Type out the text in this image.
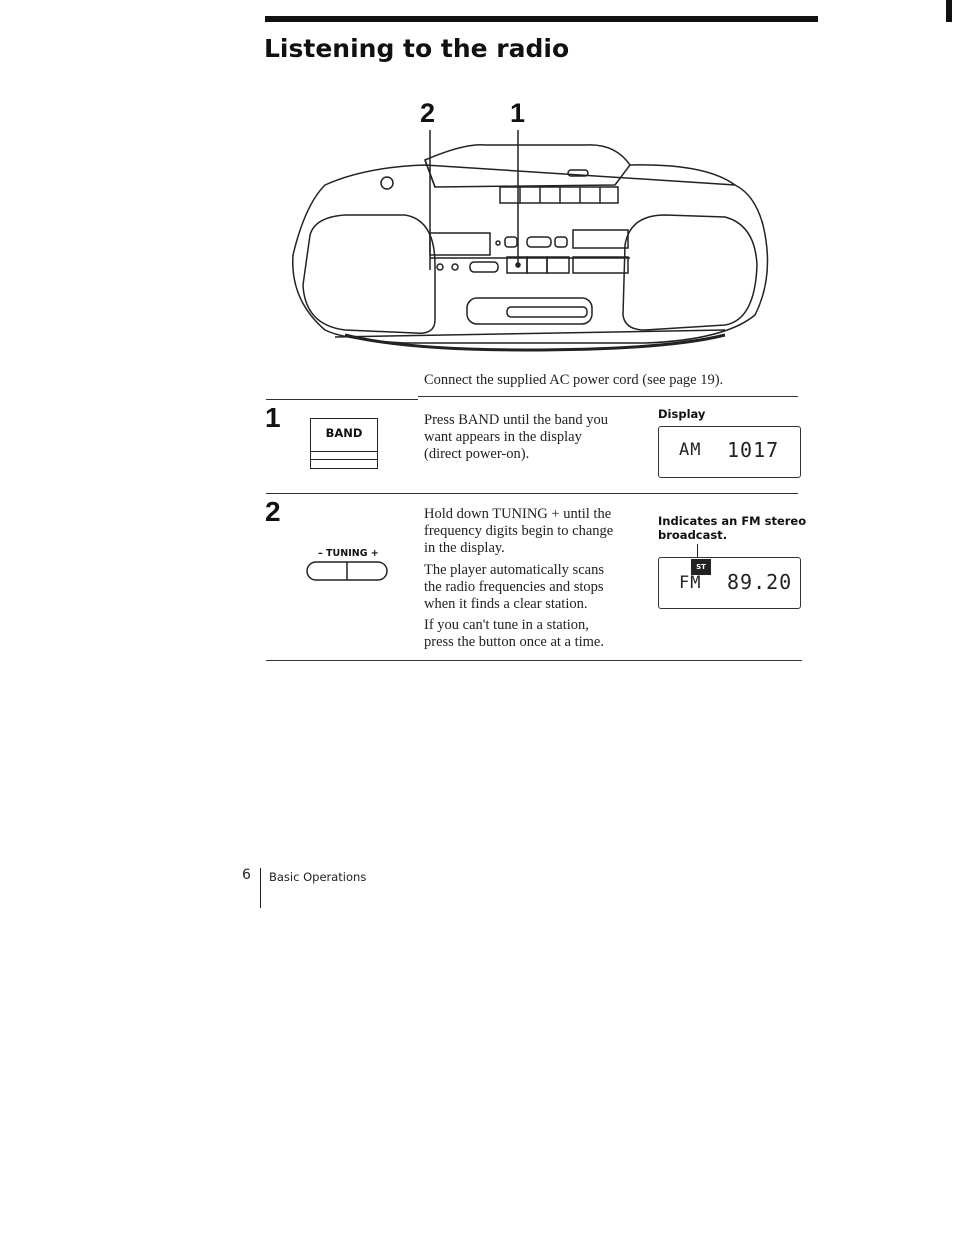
Listening to the radio
2	1
Connect the supplied AC power cord (see page 19).
1	BAND
Press BAND until the band you
want appears in the display
(direct power-on).
Display
AM 1017
2
– TUNING +
Hold down TUNING + until the
frequency digits begin to change
in the display.
The player automatically scans
the radio frequencies and stops
when it finds a clear station.
If you can't tune in a station,
press the button once at a time.
Indicates an FM stereo
broadcast.
ST
FM 89.20
6 Basic Operations
